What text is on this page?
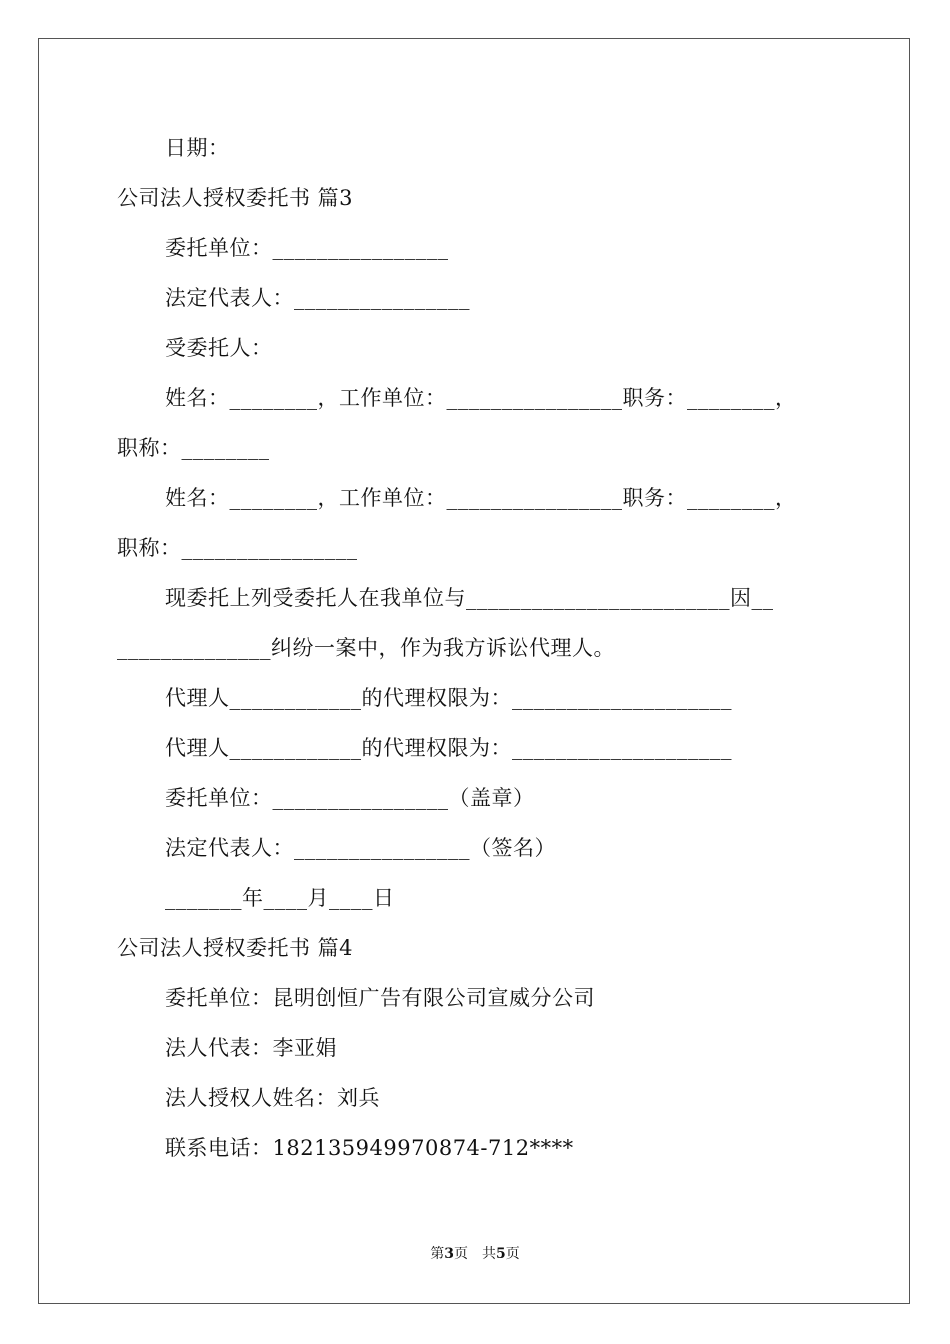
日期：
公司法人授权委托书 篇3
委托单位：________________
法定代表人：________________
受委托人：
姓名：________，工作单位：________________职务：________，
职称：________
姓名：________，工作单位：________________职务：________，
职称：________________
现委托上列受委托人在我单位与________________________因__
______________纠纷一案中，作为我方诉讼代理人。
代理人____________的代理权限为：____________________
代理人____________的代理权限为：____________________
委托单位：________________（盖章）
法定代表人：________________（签名）
_______年____月____日
公司法人授权委托书 篇4
委托单位：昆明创恒广告有限公司宣威分公司
法人代表：李亚娟
法人授权人姓名：刘兵
联系电话：182135949970874-712****
第3页 共5页
